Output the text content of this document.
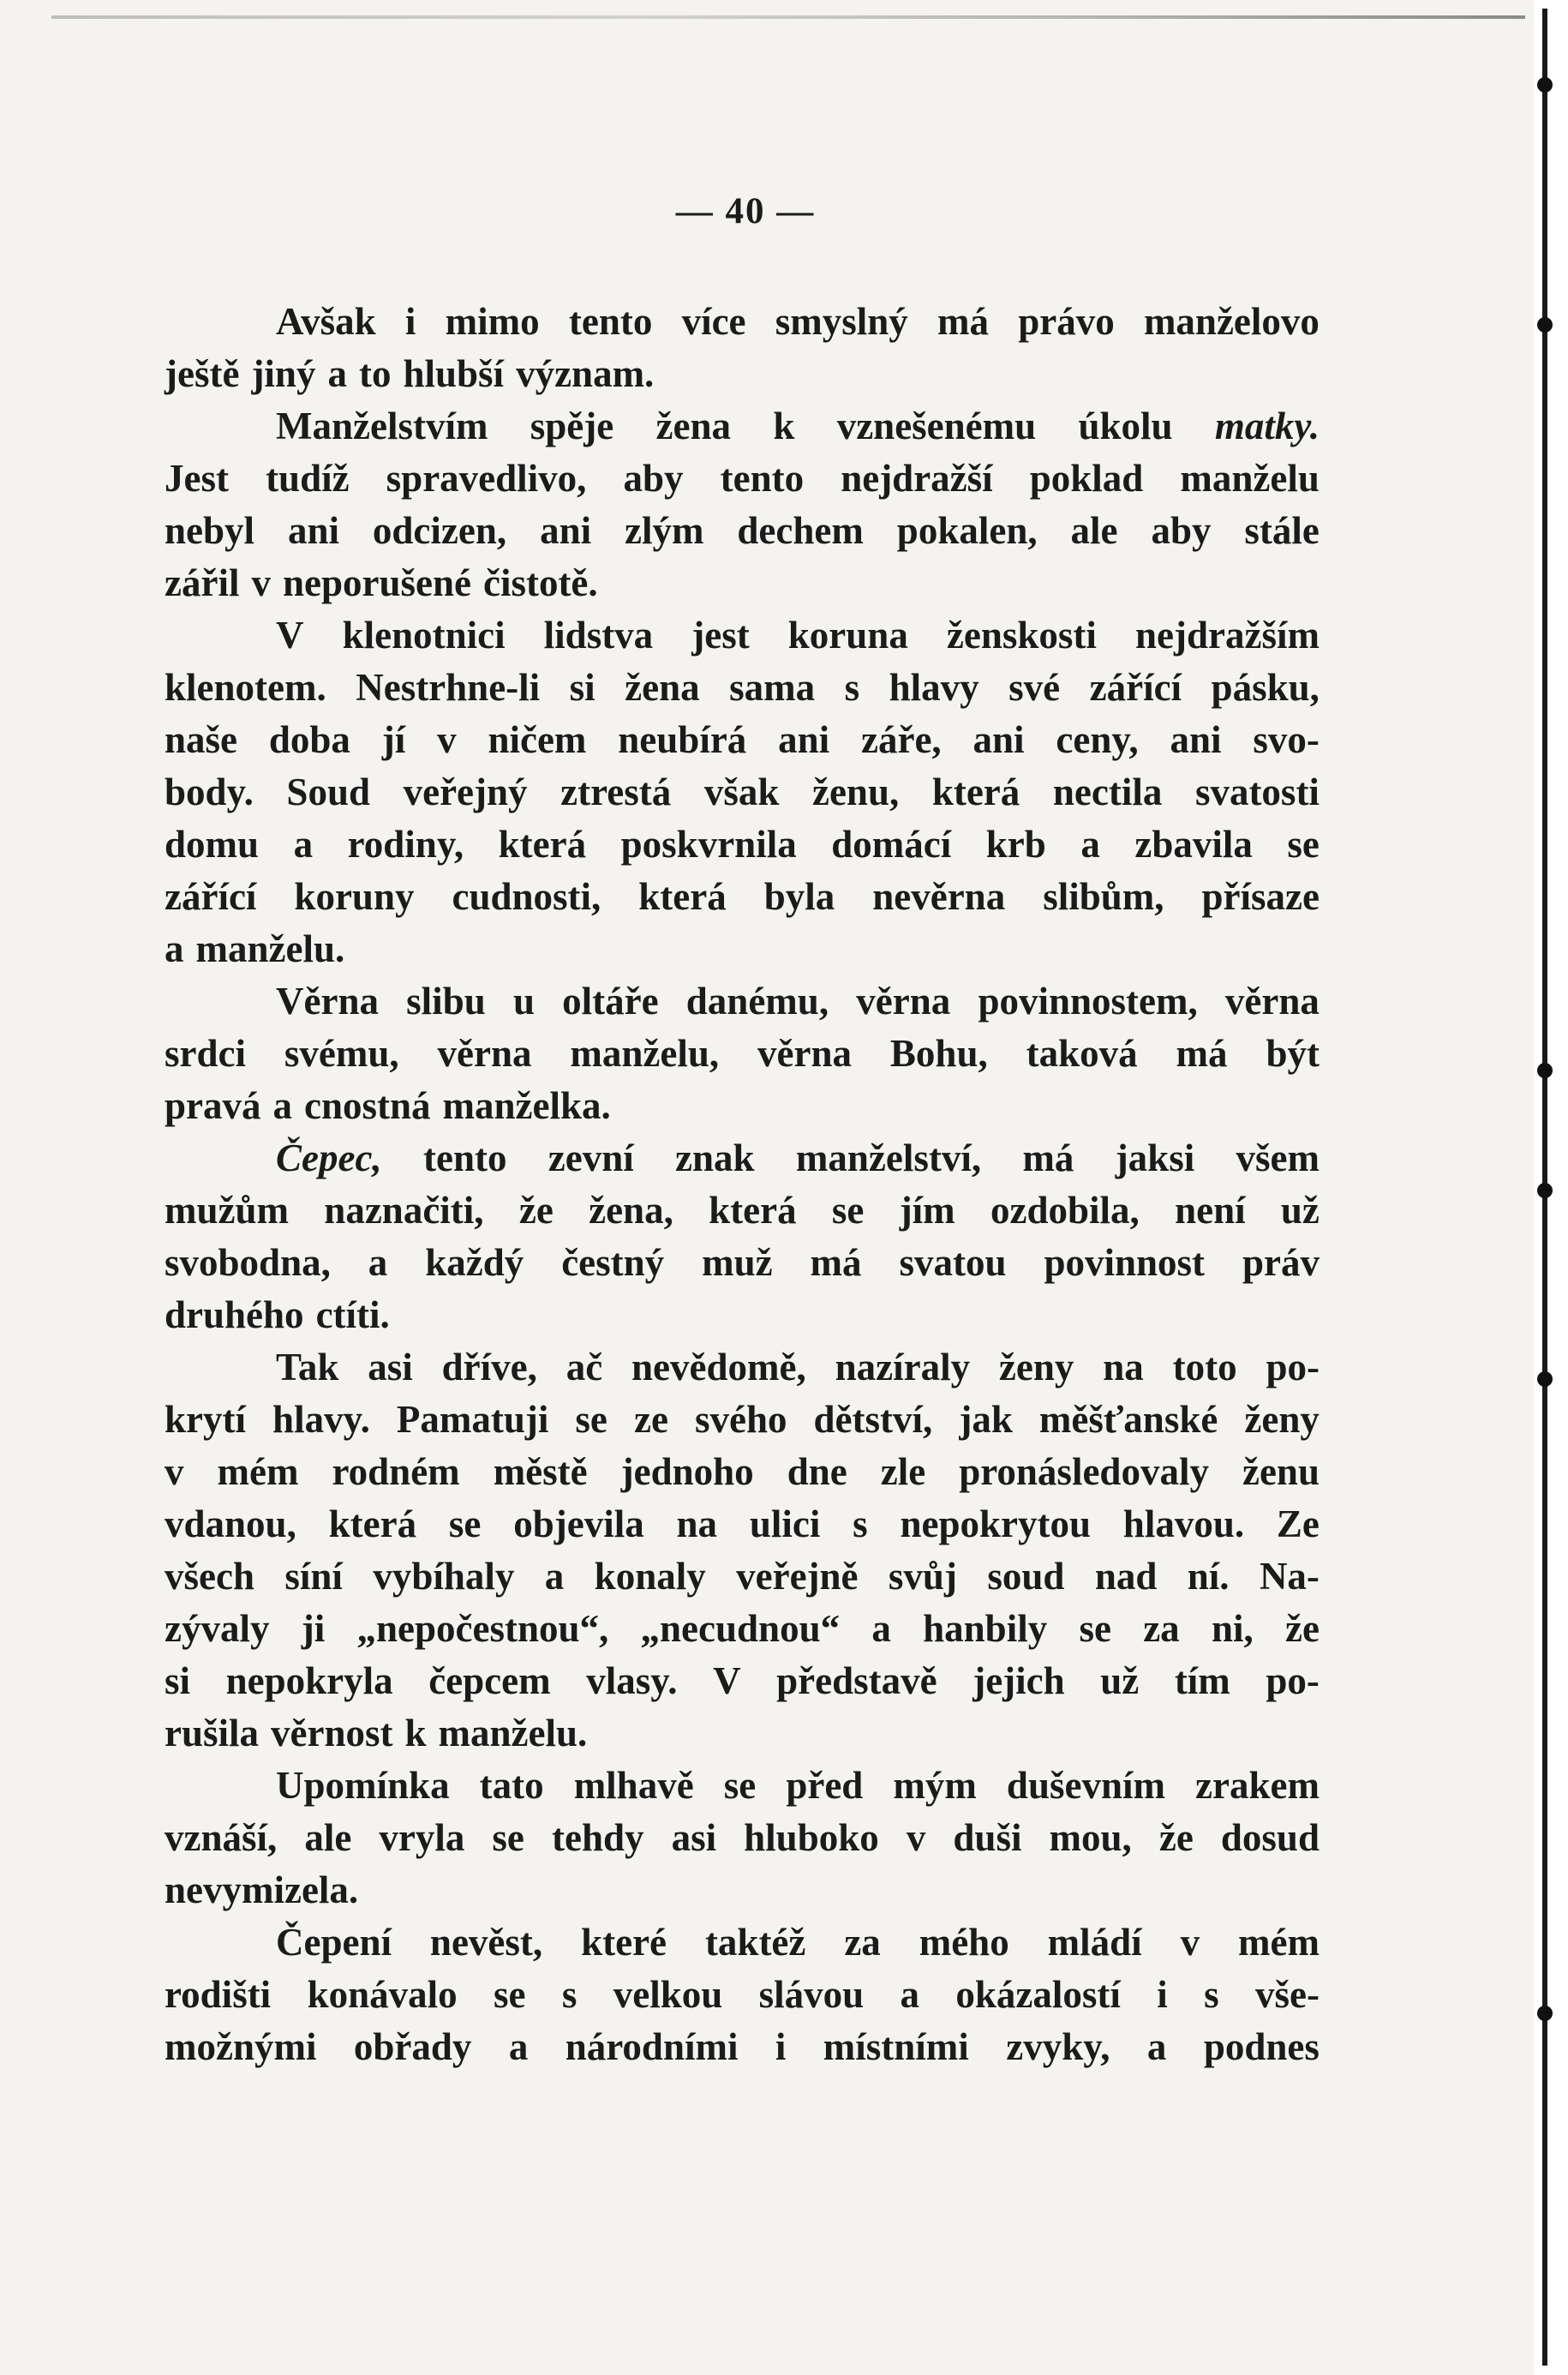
— 40 —
Avšak i mimo tento více smyslný má právo manželovo
ještě jiný a to hlubší význam.
Manželstvím spěje žena k vznešenému úkolu matky.
Jest tudíž spravedlivo, aby tento nejdražší poklad manželu
nebyl ani odcizen, ani zlým dechem pokalen, ale aby stále
zářil v neporušené čistotě.
V klenotnici lidstva jest koruna ženskosti nejdražším
klenotem. Nestrhne-li si žena sama s hlavy své zářící pásku,
naše doba jí v ničem neubírá ani záře, ani ceny, ani svo-
body. Soud veřejný ztrestá však ženu, která nectila svatosti
domu a rodiny, která poskvrnila domácí krb a zbavila se
zářící koruny cudnosti, která byla nevěrna slibům, přísaze
a manželu.
Věrna slibu u oltáře danému, věrna povinnostem, věrna
srdci svému, věrna manželu, věrna Bohu, taková má být
pravá a cnostná manželka.
Čepec, tento zevní znak manželství, má jaksi všem
mužům naznačiti, že žena, která se jím ozdobila, není už
svobodna, a každý čestný muž má svatou povinnost práv
druhého ctíti.
Tak asi dříve, ač nevědomě, nazíraly ženy na toto po-
krytí hlavy. Pamatuji se ze svého dětství, jak měšťanské ženy
v mém rodném městě jednoho dne zle pronásledovaly ženu
vdanou, která se objevila na ulici s nepokrytou hlavou. Ze
všech síní vybíhaly a konaly veřejně svůj soud nad ní. Na-
zývaly ji „nepočestnou“, „necudnou“ a hanbily se za ni, že
si nepokryla čepcem vlasy. V představě jejich už tím po-
rušila věrnost k manželu.
Upomínka tato mlhavě se před mým duševním zrakem
vznáší, ale vryla se tehdy asi hluboko v duši mou, že dosud
nevymizela.
Čepení nevěst, které taktéž za mého mládí v mém
rodišti konávalo se s velkou slávou a okázalostí i s vše-
možnými obřady a národními i místními zvyky, a podnes
